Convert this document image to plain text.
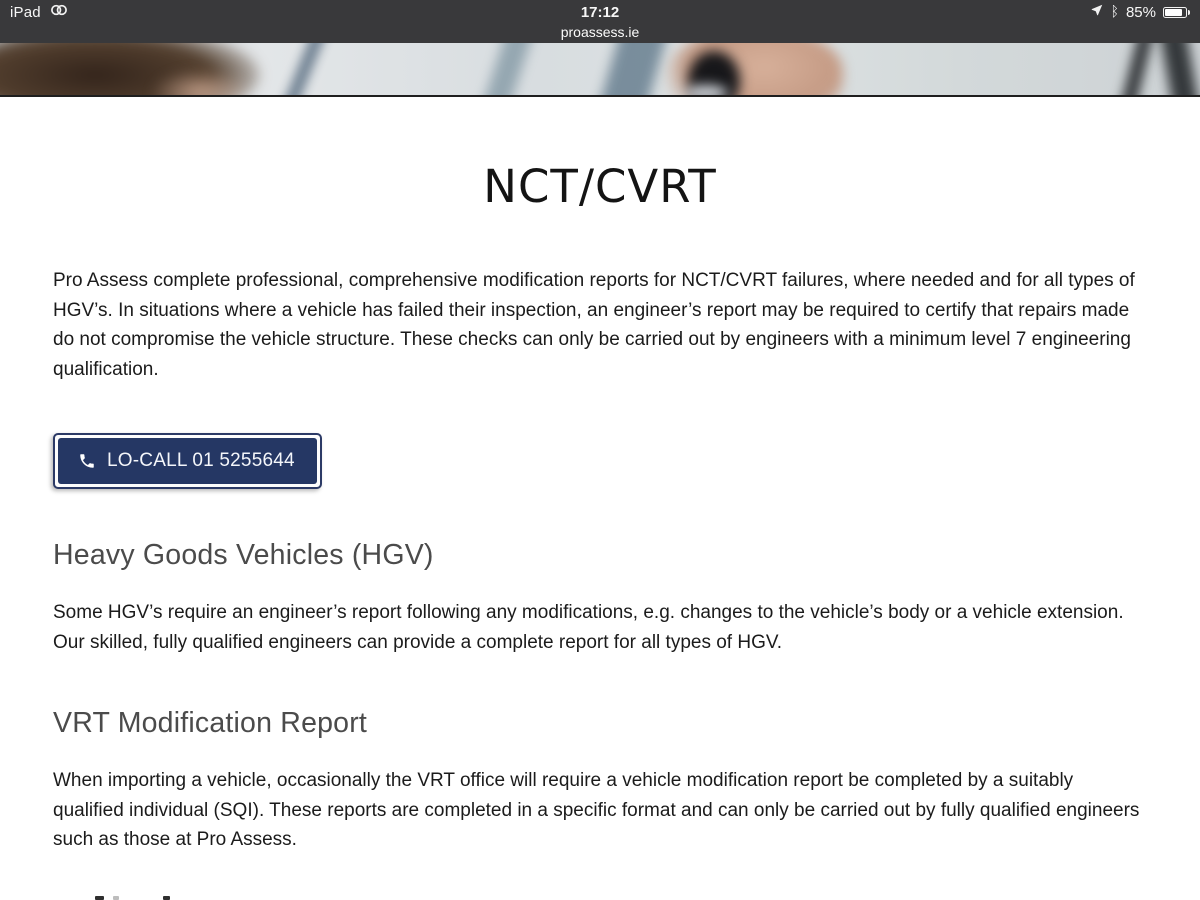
iPad	17:12	ᛒ 85%
proassess.ie
NCT/CVRT

Pro Assess complete professional, comprehensive modification reports for NCT/CVRT failures, where needed and for all types of HGV’s. In situations where a vehicle has failed their inspection, an engineer’s report may be required to certify that repairs made do not compromise the vehicle structure. These checks can only be carried out by engineers with a minimum level 7 engineering qualification.

LO-CALL 01 5255644
Heavy Goods Vehicles (HGV)

Some HGV’s require an engineer’s report following any modifications, e.g. changes to the vehicle’s body or a vehicle extension. Our skilled, fully qualified engineers can provide a complete report for all types of HGV.

VRT Modification Report

When importing a vehicle, occasionally the VRT office will require a vehicle modification report be completed by a suitably qualified individual (SQI). These reports are completed in a specific format and can only be carried out by fully qualified engineers such as those at Pro Assess.
